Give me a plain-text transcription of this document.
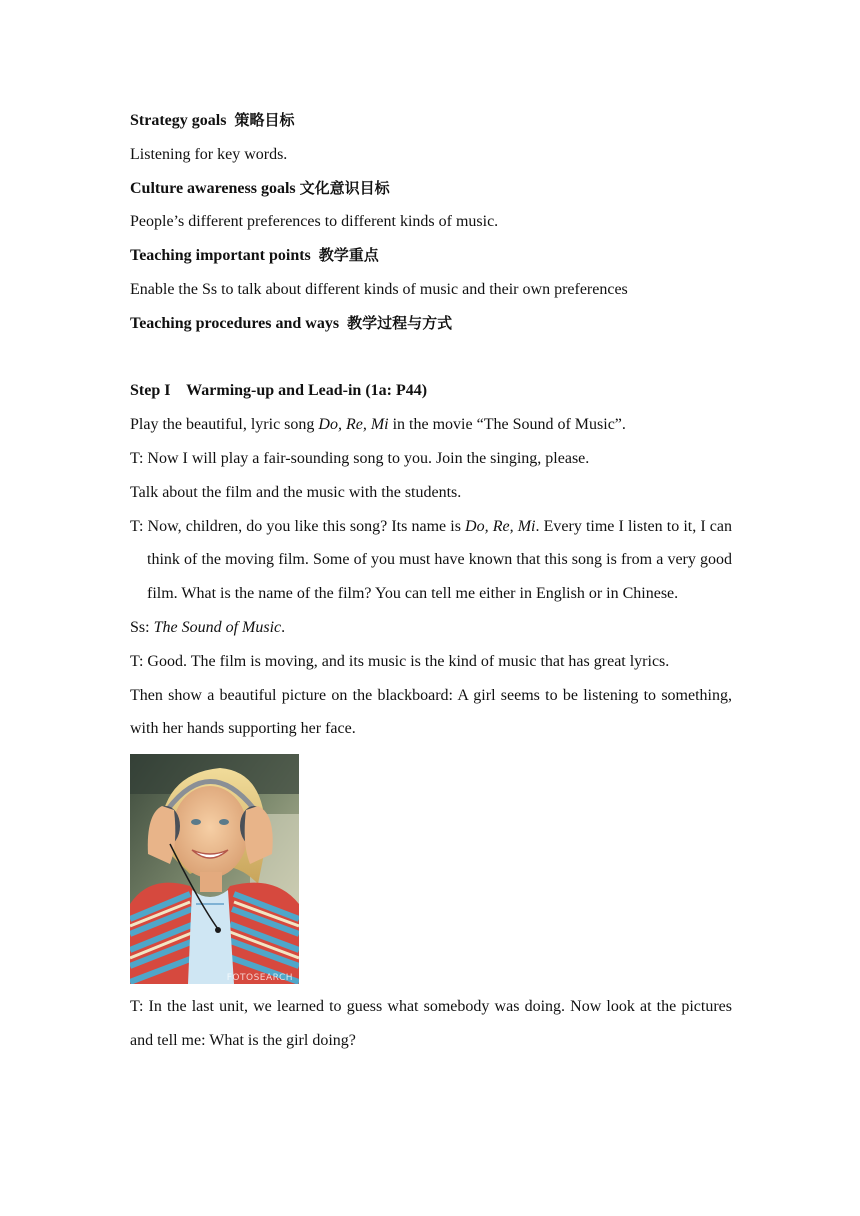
Strategy goals 策略目标

Listening for key words.

Culture awareness goals 文化意识目标

People’s different preferences to different kinds of music.

Teaching important points 教学重点

Enable the Ss to talk about different kinds of music and their own preferences

Teaching procedures and ways 教学过程与方式

Step I    Warming-up and Lead-in (1a: P44)

Play the beautiful, lyric song Do, Re, Mi in the movie “The Sound of Music”.

T: Now I will play a fair-sounding song to you. Join the singing, please.

Talk about the film and the music with the students.

T: Now, children, do you like this song? Its name is Do, Re, Mi. Every time I listen to it, I can think of the moving film. Some of you must have known that this song is from a very good film. What is the name of the film? You can tell me either in English or in Chinese.

Ss: The Sound of Music.

T: Good. The film is moving, and its music is the kind of music that has great lyrics.

Then show a beautiful picture on the blackboard: A girl seems to be listening to something, with her hands supporting her face.

FOTOSEARCH

T: In the last unit, we learned to guess what somebody was doing. Now look at the pictures and tell me: What is the girl doing?
